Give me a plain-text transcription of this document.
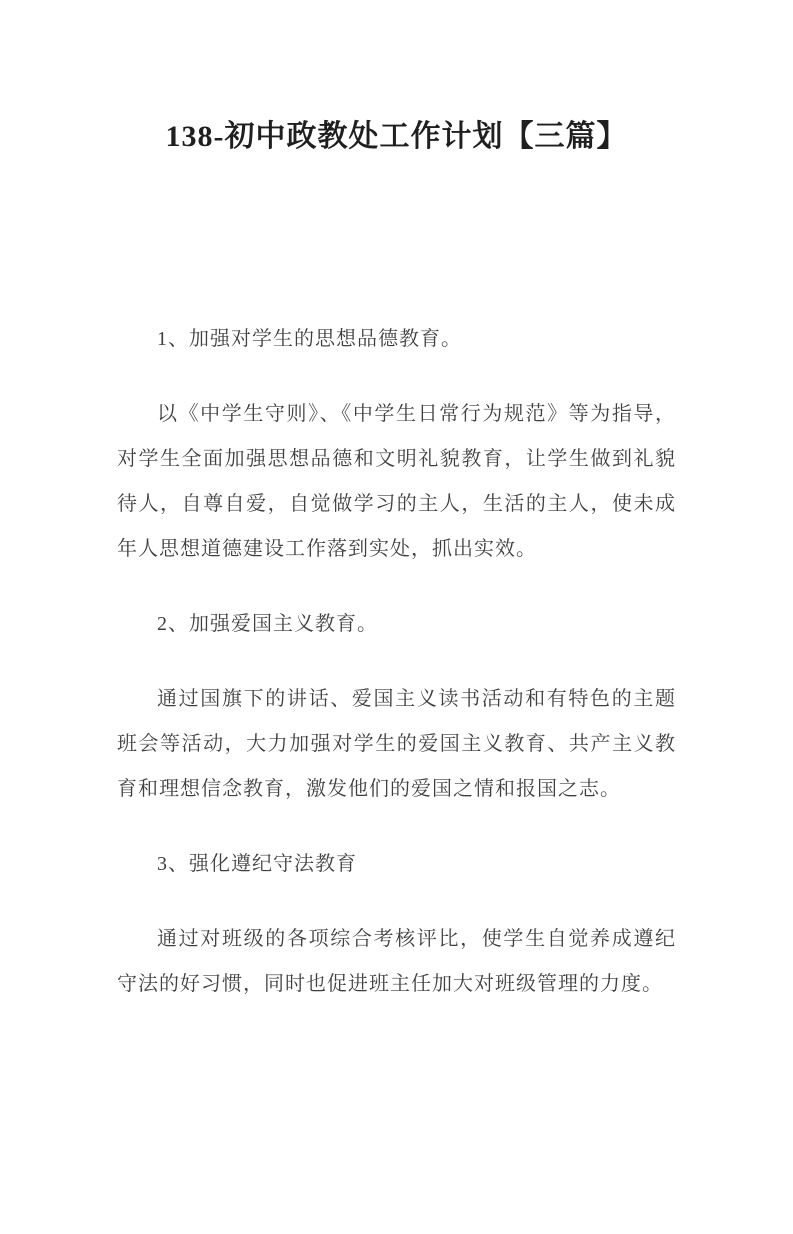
138-初中政教处工作计划【三篇】

1、加强对学生的思想品德教育。

以《中学生守则》、《中学生日常行为规范》等为指导，对学生全面加强思想品德和文明礼貌教育，让学生做到礼貌待人，自尊自爱，自觉做学习的主人，生活的主人，使未成年人思想道德建设工作落到实处，抓出实效。

2、加强爱国主义教育。

通过国旗下的讲话、爱国主义读书活动和有特色的主题班会等活动，大力加强对学生的爱国主义教育、共产主义教育和理想信念教育，激发他们的爱国之情和报国之志。

3、强化遵纪守法教育

通过对班级的各项综合考核评比，使学生自觉养成遵纪守法的好习惯，同时也促进班主任加大对班级管理的力度。
